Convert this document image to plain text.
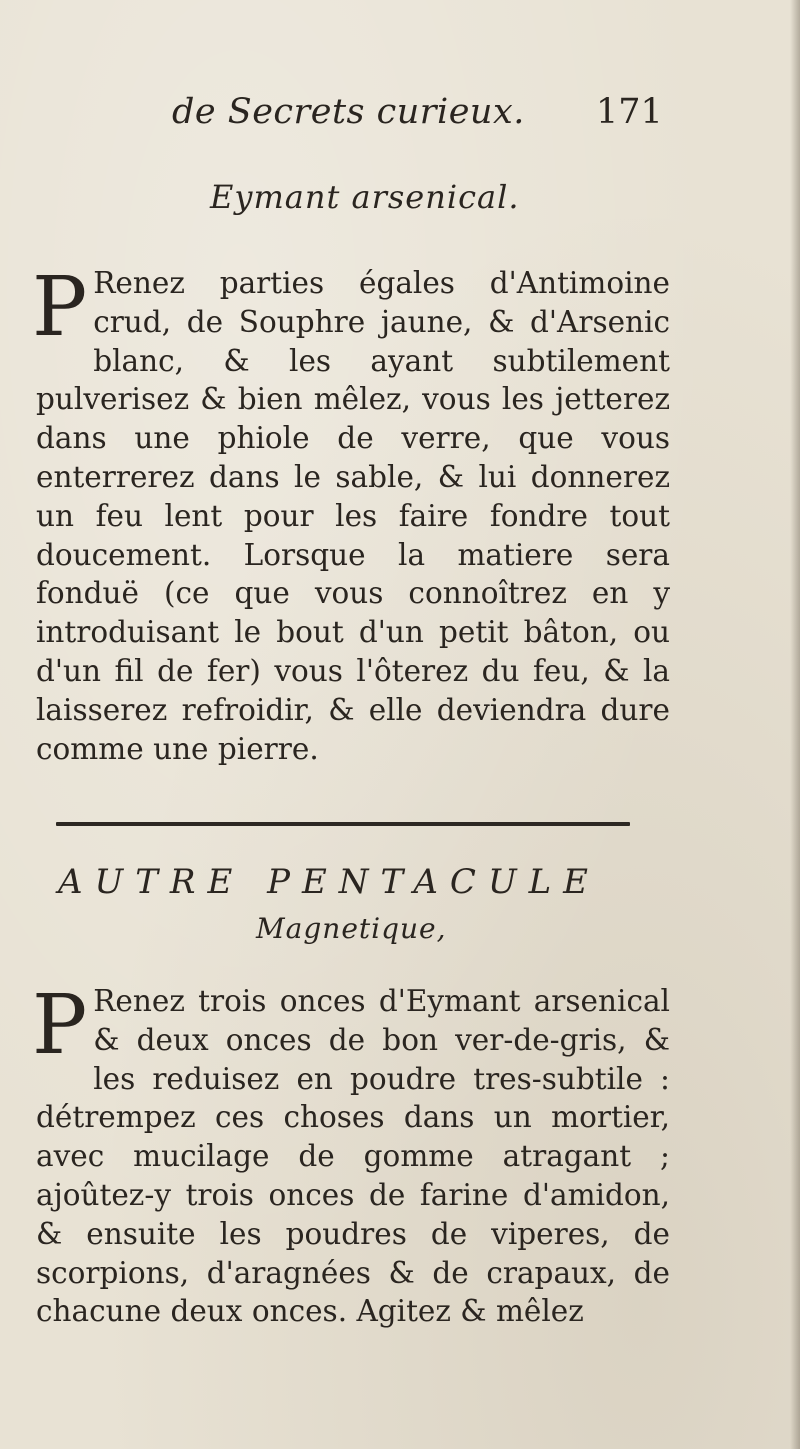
de Secrets curieux. 171
Eymant arsenical.
P Renez parties égales d'Antimoine crud, de Souphre jaune, & d'Arsenic blanc, & les ayant subtilement pulverisez & bien mêlez, vous les jetterez dans une phiole de verre, que vous enterrerez dans le sable, & lui donnerez un feu lent pour les faire fondre tout doucement. Lorsque la matiere sera fonduë (ce que vous connoîtrez en y introduisant le bout d'un petit bâton, ou d'un fil de fer) vous l'ôterez du feu, & la laisserez refroidir, & elle deviendra dure comme une pierre.
AUTRE PENTACULE
Magnetique,
P Renez trois onces d'Eymant arsenical & deux onces de bon ver-de-gris, & les reduisez en poudre tres-subtile : détrempez ces choses dans un mortier, avec mucilage de gomme atragant ; ajoûtez-y trois onces de farine d'amidon, & ensuite les poudres de viperes, de scorpions, d'aragnées & de crapaux, de chacune deux onces. Agitez & mêlez
